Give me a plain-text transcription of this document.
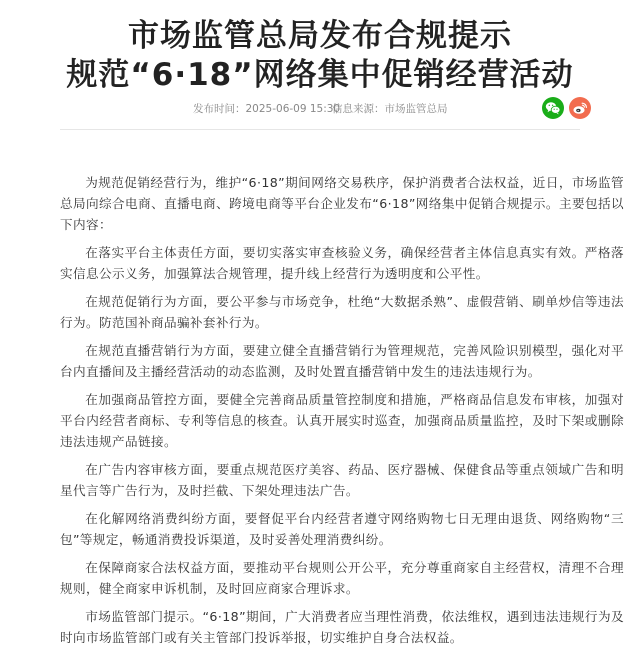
市场监管总局发布合规提示
规范“6·18”网络集中促销经营活动
发布时间：2025-06-09 15:30
信息来源：市场监管总局

为规范促销经营行为，维护“6·18”期间网络交易秩序，保护消费者合法权益，近日，市场监管总局向综合电商、直播电商、跨境电商等平台企业发布“6·18”网络集中促销合规提示。主要包括以下内容：

在落实平台主体责任方面，要切实落实审查核验义务，确保经营者主体信息真实有效。严格落实信息公示义务，加强算法合规管理，提升线上经营行为透明度和公平性。

在规范促销行为方面，要公平参与市场竞争，杜绝“大数据杀熟”、虚假营销、刷单炒信等违法行为。防范国补商品骗补套补行为。

在规范直播营销行为方面，要建立健全直播营销行为管理规范，完善风险识别模型，强化对平台内直播间及主播经营活动的动态监测，及时处置直播营销中发生的违法违规行为。

在加强商品管控方面，要健全完善商品质量管控制度和措施，严格商品信息发布审核，加强对平台内经营者商标、专利等信息的核查。认真开展实时巡查，加强商品质量监控，及时下架或删除违法违规产品链接。

在广告内容审核方面，要重点规范医疗美容、药品、医疗器械、保健食品等重点领域广告和明星代言等广告行为，及时拦截、下架处理违法广告。

在化解网络消费纠纷方面，要督促平台内经营者遵守网络购物七日无理由退货、网络购物“三包”等规定，畅通消费投诉渠道，及时妥善处理消费纠纷。

在保障商家合法权益方面，要推动平台规则公开公平，充分尊重商家自主经营权，清理不合理规则，健全商家申诉机制，及时回应商家合理诉求。

市场监管部门提示。“6·18”期间，广大消费者应当理性消费，依法维权，遇到违法违规行为及时向市场监管部门或有关主管部门投诉举报，切实维护自身合法权益。
